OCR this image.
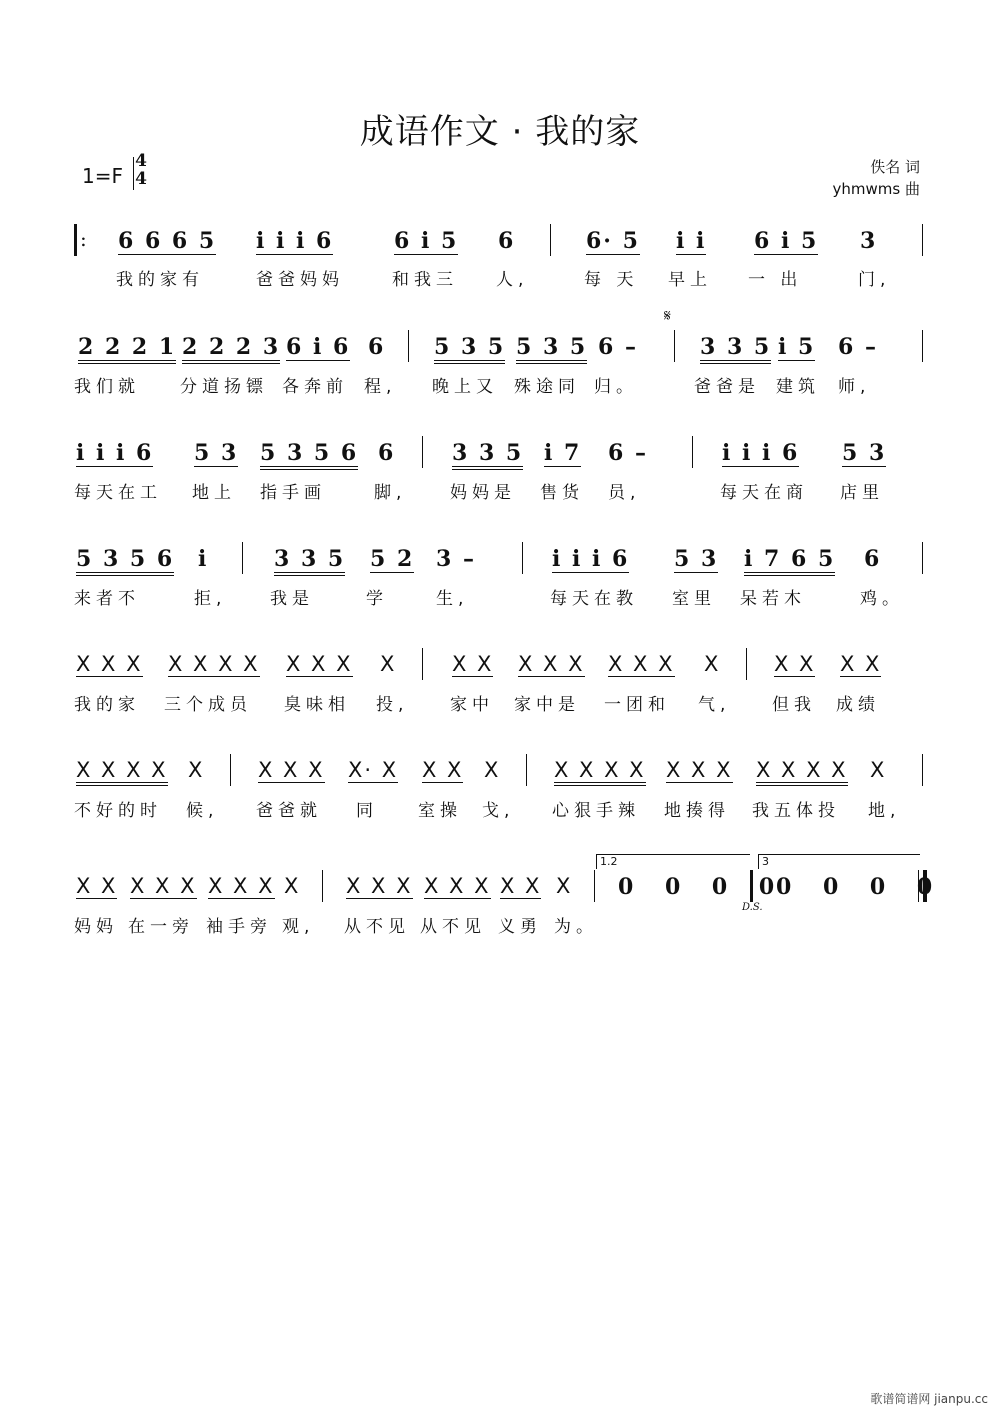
成语作文 · 我的家
1=F
4
4
佚名 词
yhmwms 曲
:
6 6 6 5 i i i 6	6 i 5 6	6· 5 i i 6 i 5 3
我的家有	爸爸妈妈	和我三 人,	每 天 早上 一 出	门,
𝄋
2 2 2 1 2 2 2 3 6 i 6 6 5 3 5 5 3 5 6 –	3 3 5 i 5 6 –
我们就 分道扬镖 各奔前 程, 晚上又 殊途同 归。	爸爸是 建筑 师,
i i i 6 5 3 5 3 5 6 6	3 3 5 i 7 6 –	i i i 6 5 3
每天在工 地上 指手画	脚,	妈妈是 售货 员,	每天在商 店里
5 3 5 6 i	3 3 5 5 2 3 –	i i i 6 5 3 i 7 6 5 6
来者不	拒,	我是	学	生,	每天在教 室里 呆若木	鸡。
X X X X X X X X X X X	X X X X X X X X X	X X X X
我的家 三个成员 臭味相 投, 家中 家中是 一团和 气, 但我 成绩
X X X X X	X X X X· X X X X	X X X X X X X X X X X X
不好的时 候, 爸爸就 同 室操 戈, 心狠手辣 地揍得 我五体投 地,
1.2	3
X X X X X X X X X X X X X X X X X X 0 0 0 0
0 0 0 0
D.S.
妈妈 在一旁 袖手旁 观, 从不见 从不见 义勇 为。
歌谱简谱网 jianpu.cc
